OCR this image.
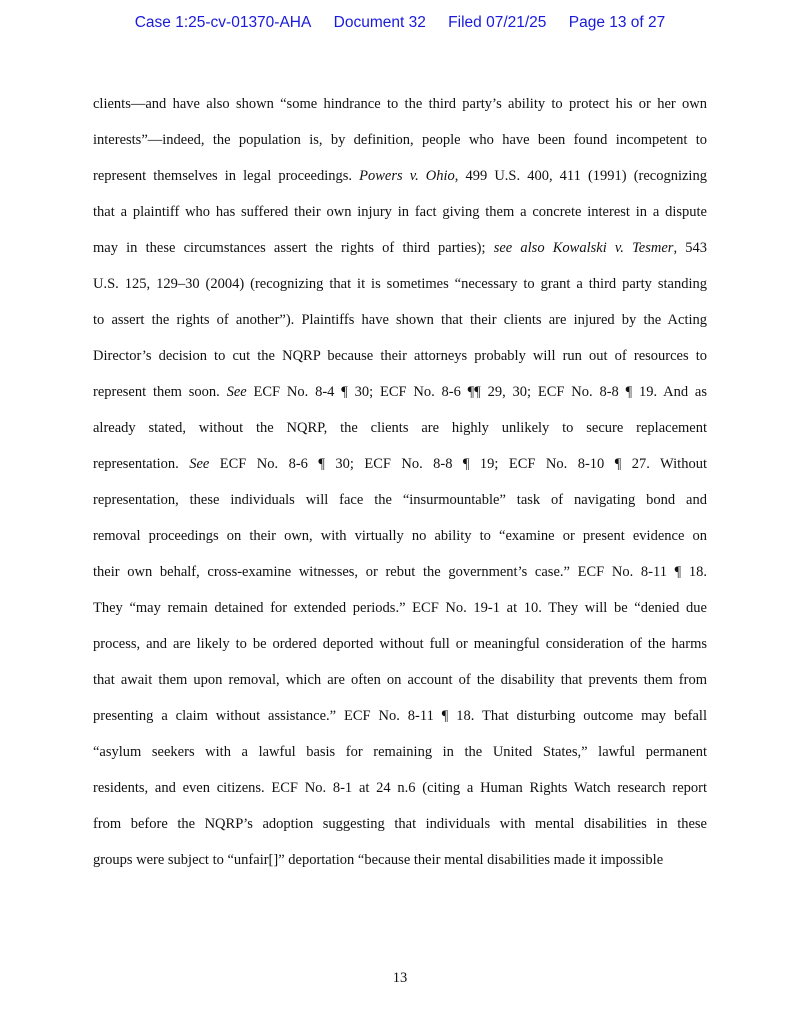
Case 1:25-cv-01370-AHA Document 32 Filed 07/21/25 Page 13 of 27
clients—and have also shown “some hindrance to the third party’s ability to protect his or her own
interests”—indeed, the population is, by definition, people who have been found incompetent to
represent themselves in legal proceedings. Powers v. Ohio, 499 U.S. 400, 411 (1991) (recognizing
that a plaintiff who has suffered their own injury in fact giving them a concrete interest in a dispute
may in these circumstances assert the rights of third parties); see also Kowalski v. Tesmer, 543
U.S. 125, 129–30 (2004) (recognizing that it is sometimes “necessary to grant a third party standing
to assert the rights of another”). Plaintiffs have shown that their clients are injured by the Acting
Director’s decision to cut the NQRP because their attorneys probably will run out of resources to
represent them soon. See ECF No. 8-4 ¶ 30; ECF No. 8-6 ¶¶ 29, 30; ECF No. 8-8 ¶ 19. And as
already stated, without the NQRP, the clients are highly unlikely to secure replacement
representation. See ECF No. 8-6 ¶ 30; ECF No. 8-8 ¶ 19; ECF No. 8-10 ¶ 27. Without
representation, these individuals will face the “insurmountable” task of navigating bond and
removal proceedings on their own, with virtually no ability to “examine or present evidence on
their own behalf, cross-examine witnesses, or rebut the government’s case.” ECF No. 8-11 ¶ 18.
They “may remain detained for extended periods.” ECF No. 19-1 at 10. They will be “denied due
process, and are likely to be ordered deported without full or meaningful consideration of the harms
that await them upon removal, which are often on account of the disability that prevents them from
presenting a claim without assistance.” ECF No. 8-11 ¶ 18. That disturbing outcome may befall
“asylum seekers with a lawful basis for remaining in the United States,” lawful permanent
residents, and even citizens. ECF No. 8-1 at 24 n.6 (citing a Human Rights Watch research report
from before the NQRP’s adoption suggesting that individuals with mental disabilities in these
groups were subject to “unfair[]” deportation “because their mental disabilities made it impossible
13
